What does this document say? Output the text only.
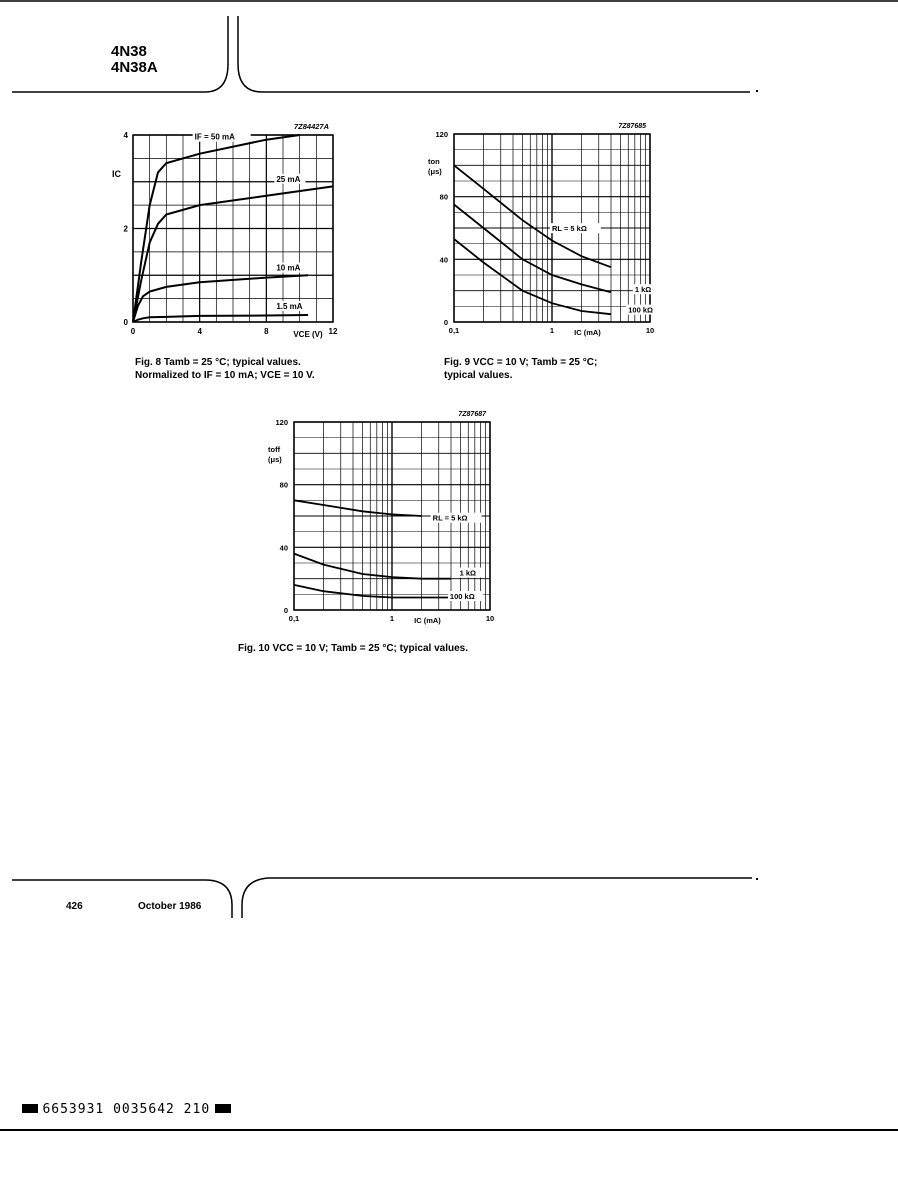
4N38
4N38A
IF = 50 mA
25 mA
10 mA
1.5 mA
0	4	8	12
0
2
4
VCE (V)
IC
7Z84427A
Fig. 8 Tamb = 25 °C; typical values.
Normalized to IF = 10 mA; VCE = 10 V.
RL = 5 kΩ
1 kΩ
100 kΩ
0,1	1	10
0
40
80
120
IC (mA)
ton
(μs)
7Z87685
Fig. 9 VCC = 10 V; Tamb = 25 °C;
typical values.
RL = 5 kΩ
1 kΩ
100 kΩ
0,1	1	10
0
40
80
120
IC (mA)
toff
(μs)
7Z87687
Fig. 10 VCC = 10 V; Tamb = 25 °C; typical values.
426	October 1986
6653931 0035642 210
